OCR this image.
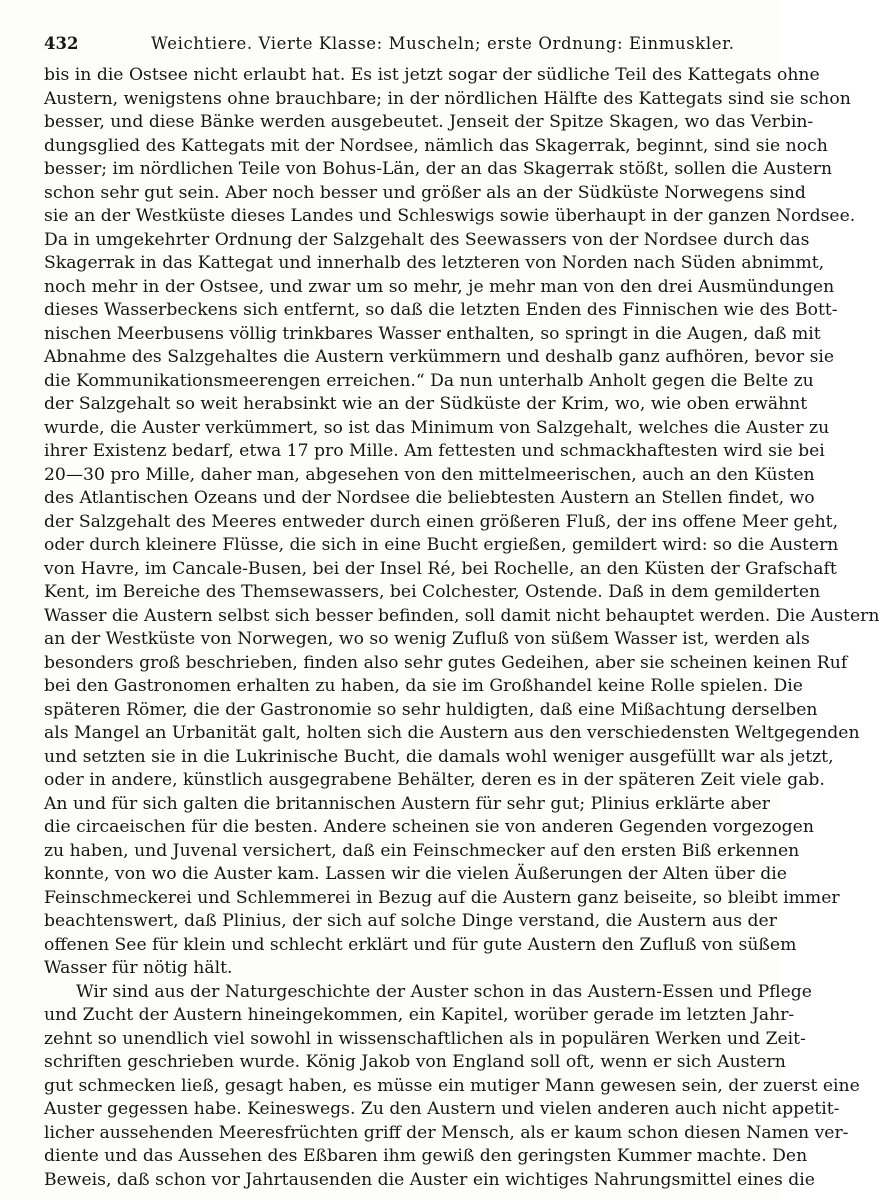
432	Weichtiere. Vierte Klasse: Muscheln; erste Ordnung: Einmuskler.
bis in die Ostsee nicht erlaubt hat. Es ist jetzt sogar der südliche Teil des Kattegats ohne
Austern, wenigstens ohne brauchbare; in der nördlichen Hälfte des Kattegats sind sie schon
besser, und diese Bänke werden ausgebeutet. Jenseit der Spitze Skagen, wo das Verbin-
dungsglied des Kattegats mit der Nordsee, nämlich das Skagerrak, beginnt, sind sie noch
besser; im nördlichen Teile von Bohus-Län, der an das Skagerrak stößt, sollen die Austern
schon sehr gut sein. Aber noch besser und größer als an der Südküste Norwegens sind
sie an der Westküste dieses Landes und Schleswigs sowie überhaupt in der ganzen Nordsee.
Da in umgekehrter Ordnung der Salzgehalt des Seewassers von der Nordsee durch das
Skagerrak in das Kattegat und innerhalb des letzteren von Norden nach Süden abnimmt,
noch mehr in der Ostsee, und zwar um so mehr, je mehr man von den drei Ausmündungen
dieses Wasserbeckens sich entfernt, so daß die letzten Enden des Finnischen wie des Bott-
nischen Meerbusens völlig trinkbares Wasser enthalten, so springt in die Augen, daß mit
Abnahme des Salzgehaltes die Austern verkümmern und deshalb ganz aufhören, bevor sie
die Kommunikationsmeerengen erreichen.“ Da nun unterhalb Anholt gegen die Belte zu
der Salzgehalt so weit herabsinkt wie an der Südküste der Krim, wo, wie oben erwähnt
wurde, die Auster verkümmert, so ist das Minimum von Salzgehalt, welches die Auster zu
ihrer Existenz bedarf, etwa 17 pro Mille. Am fettesten und schmackhaftesten wird sie bei
20—30 pro Mille, daher man, abgesehen von den mittelmeerischen, auch an den Küsten
des Atlantischen Ozeans und der Nordsee die beliebtesten Austern an Stellen findet, wo
der Salzgehalt des Meeres entweder durch einen größeren Fluß, der ins offene Meer geht,
oder durch kleinere Flüsse, die sich in eine Bucht ergießen, gemildert wird: so die Austern
von Havre, im Cancale-Busen, bei der Insel Ré, bei Rochelle, an den Küsten der Grafschaft
Kent, im Bereiche des Themsewassers, bei Colchester, Ostende. Daß in dem gemilderten
Wasser die Austern selbst sich besser befinden, soll damit nicht behauptet werden. Die Austern
an der Westküste von Norwegen, wo so wenig Zufluß von süßem Wasser ist, werden als
besonders groß beschrieben, finden also sehr gutes Gedeihen, aber sie scheinen keinen Ruf
bei den Gastronomen erhalten zu haben, da sie im Großhandel keine Rolle spielen. Die
späteren Römer, die der Gastronomie so sehr huldigten, daß eine Mißachtung derselben
als Mangel an Urbanität galt, holten sich die Austern aus den verschiedensten Weltgegenden
und setzten sie in die Lukrinische Bucht, die damals wohl weniger ausgefüllt war als jetzt,
oder in andere, künstlich ausgegrabene Behälter, deren es in der späteren Zeit viele gab.
An und für sich galten die britannischen Austern für sehr gut; Plinius erklärte aber
die circaeischen für die besten. Andere scheinen sie von anderen Gegenden vorgezogen
zu haben, und Juvenal versichert, daß ein Feinschmecker auf den ersten Biß erkennen
konnte, von wo die Auster kam. Lassen wir die vielen Äußerungen der Alten über die
Feinschmeckerei und Schlemmerei in Bezug auf die Austern ganz beiseite, so bleibt immer
beachtenswert, daß Plinius, der sich auf solche Dinge verstand, die Austern aus der
offenen See für klein und schlecht erklärt und für gute Austern den Zufluß von süßem
Wasser für nötig hält.
Wir sind aus der Naturgeschichte der Auster schon in das Austern-Essen und Pflege
und Zucht der Austern hineingekommen, ein Kapitel, worüber gerade im letzten Jahr-
zehnt so unendlich viel sowohl in wissenschaftlichen als in populären Werken und Zeit-
schriften geschrieben wurde. König Jakob von England soll oft, wenn er sich Austern
gut schmecken ließ, gesagt haben, es müsse ein mutiger Mann gewesen sein, der zuerst eine
Auster gegessen habe. Keineswegs. Zu den Austern und vielen anderen auch nicht appetit-
licher aussehenden Meeresfrüchten griff der Mensch, als er kaum schon diesen Namen ver-
diente und das Aussehen des Eßbaren ihm gewiß den geringsten Kummer machte. Den
Beweis, daß schon vor Jahrtausenden die Auster ein wichtiges Nahrungsmittel eines die
